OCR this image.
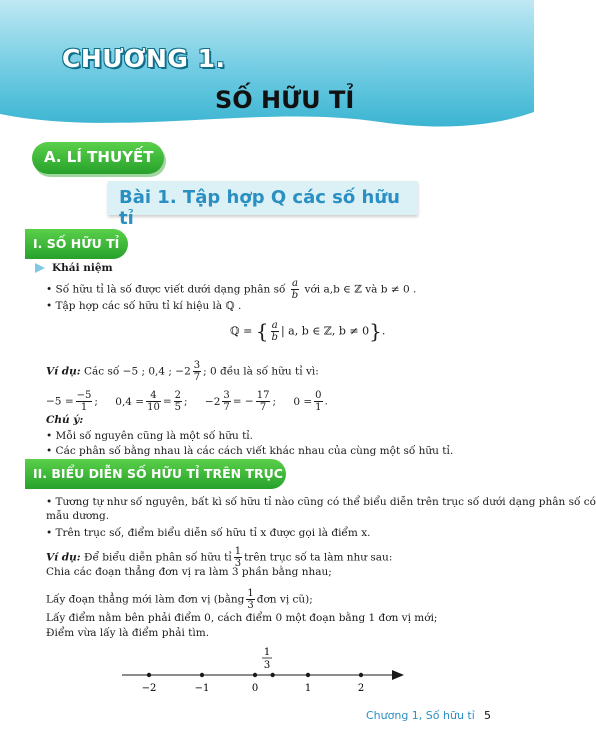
CHƯƠNG 1.
SỐ HỮU TỈ
A. LÍ THUYẾT
Bài 1. Tập hợp Q các số hữu tỉ
I. SỐ HỮU TỈ
Khái niệm
• Số hữu tỉ là số được viết dưới dạng phân số $\frac{a}{b}$ với a,b ∈ ℤ và b ≠ 0 .
• Tập hợp các số hữu tỉ kí hiệu là ℚ .
ℚ = { $\frac{a}{b}$ | a, b ∈ ℤ, b ≠ 0}.
Ví dụ: Các số −5 ; 0,4 ; $-2 \frac{3}{7}$ ; 0 đều là số hữu tỉ vì:
$-5 = \frac{-5}{1}$ ; $0,4 = \frac{4}{10} = \frac{2}{5}$ ; $-2 \frac{3}{7}$ = − $\frac{17}{7}$ ; $0 = \frac{0}{1}$ .
Chú ý:
• Mỗi số nguyên cũng là một số hữu tỉ.
• Các phân số bằng nhau là các cách viết khác nhau của cùng một số hữu tỉ.
II. BIỂU DIỄN SỐ HỮU TỈ TRÊN TRỤC SỐ
• Tương tự như số nguyên, bất kì số hữu tỉ nào cũng có thể biểu diễn trên trục số dưới dạng phân số có
mẫu dương.
• Trên trục số, điểm biểu diễn số hữu tỉ x được gọi là điểm x.
Ví dụ: Để biểu diễn phân số hữu tỉ $\frac{1}{3}$ trên trục số ta làm như sau:
Chia các đoạn thẳng đơn vị ra làm 3 phần bằng nhau;
Lấy đoạn thẳng mới làm đơn vị (bằng $\frac{1}{3}$ đơn vị cũ);
Lấy điểm nằm bên phải điểm 0, cách điểm 0 một đoạn bằng 1 đơn vị mới;
Điểm vừa lấy là điểm phải tìm.
−2	−1	0	1	2
1
3
Chương 1, Số hữu tỉ 5
